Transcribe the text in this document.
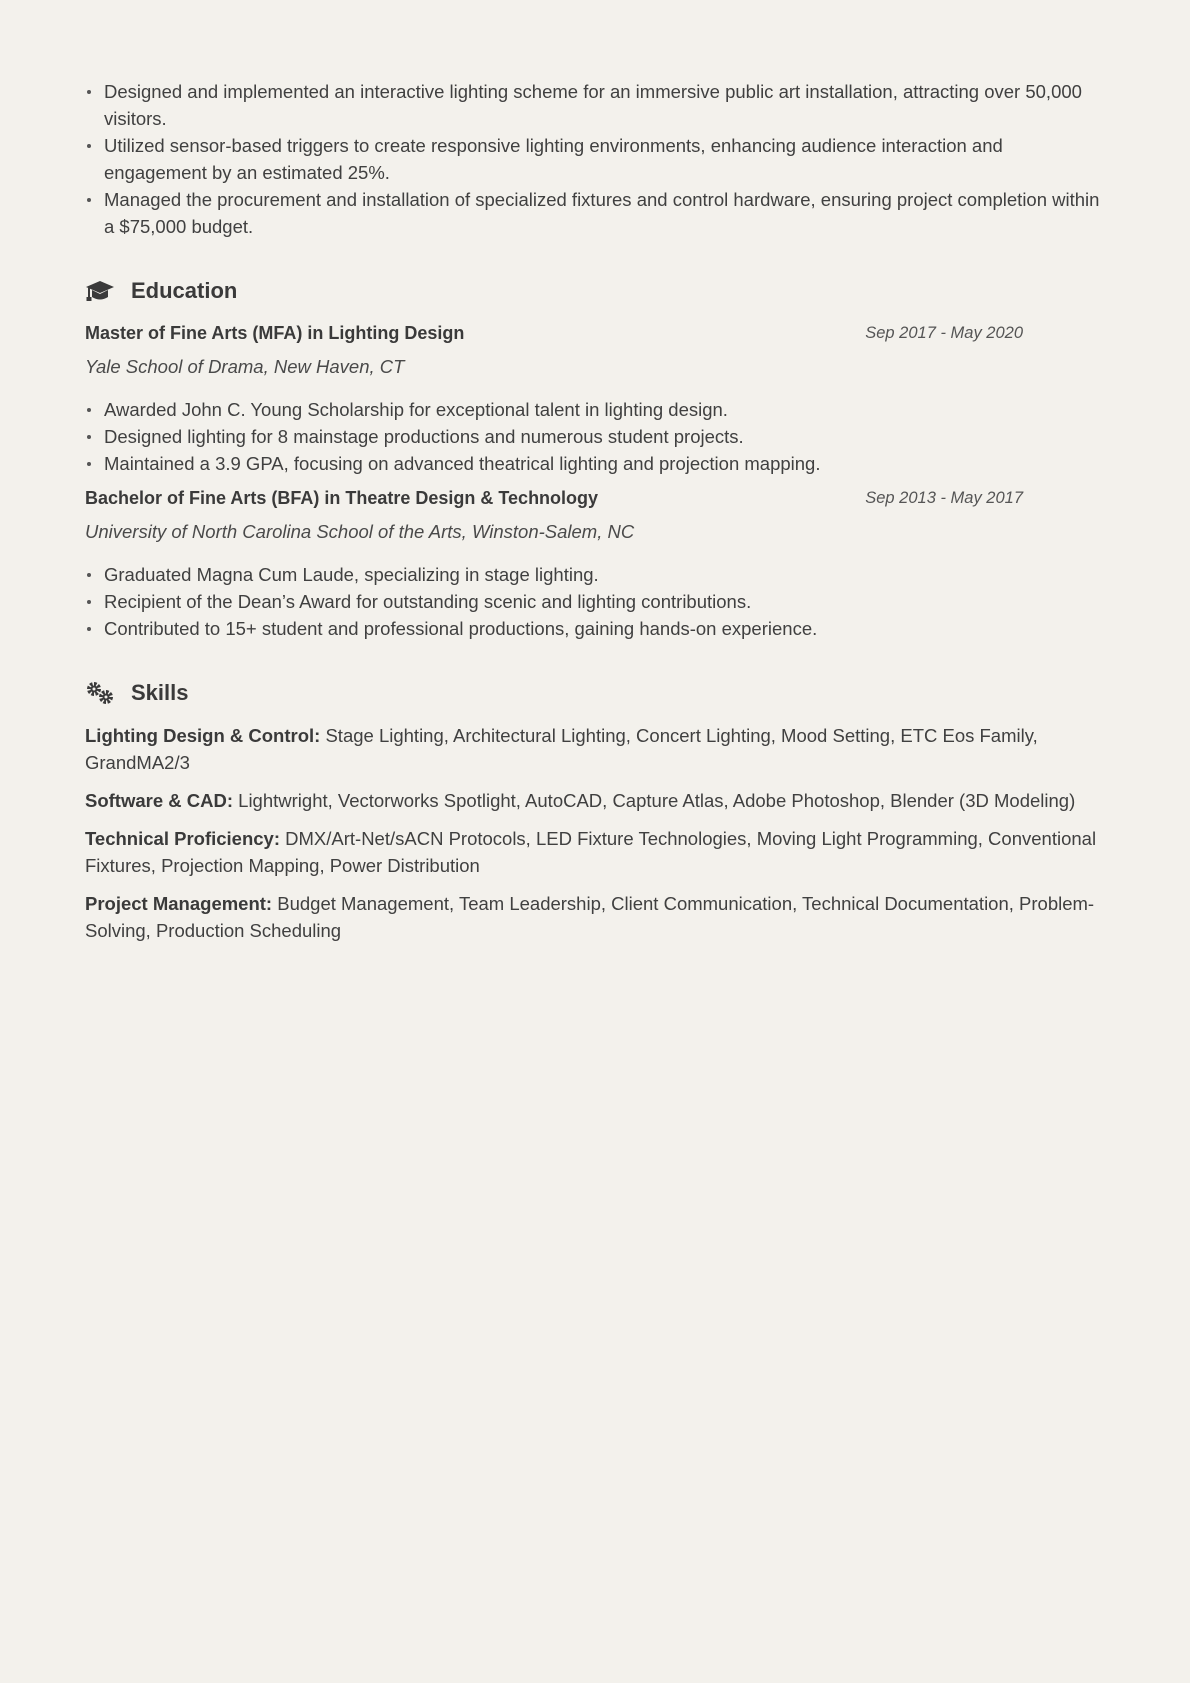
Designed and implemented an interactive lighting scheme for an immersive public art installation, attracting over 50,000 visitors.
Utilized sensor-based triggers to create responsive lighting environments, enhancing audience interaction and engagement by an estimated 25%.
Managed the procurement and installation of specialized fixtures and control hardware, ensuring project completion within a $75,000 budget.
Education
Master of Fine Arts (MFA) in Lighting Design	Sep 2017 - May 2020
Yale School of Drama, New Haven, CT
Awarded John C. Young Scholarship for exceptional talent in lighting design.
Designed lighting for 8 mainstage productions and numerous student projects.
Maintained a 3.9 GPA, focusing on advanced theatrical lighting and projection mapping.
Bachelor of Fine Arts (BFA) in Theatre Design & Technology	Sep 2013 - May 2017
University of North Carolina School of the Arts, Winston-Salem, NC
Graduated Magna Cum Laude, specializing in stage lighting.
Recipient of the Dean’s Award for outstanding scenic and lighting contributions.
Contributed to 15+ student and professional productions, gaining hands-on experience.
Skills
Lighting Design & Control: Stage Lighting, Architectural Lighting, Concert Lighting, Mood Setting, ETC Eos Family, GrandMA2/3
Software & CAD: Lightwright, Vectorworks Spotlight, AutoCAD, Capture Atlas, Adobe Photoshop, Blender (3D Modeling)
Technical Proficiency: DMX/Art-Net/sACN Protocols, LED Fixture Technologies, Moving Light Programming, Conventional Fixtures, Projection Mapping, Power Distribution
Project Management: Budget Management, Team Leadership, Client Communication, Technical Documentation, Problem-Solving, Production Scheduling
